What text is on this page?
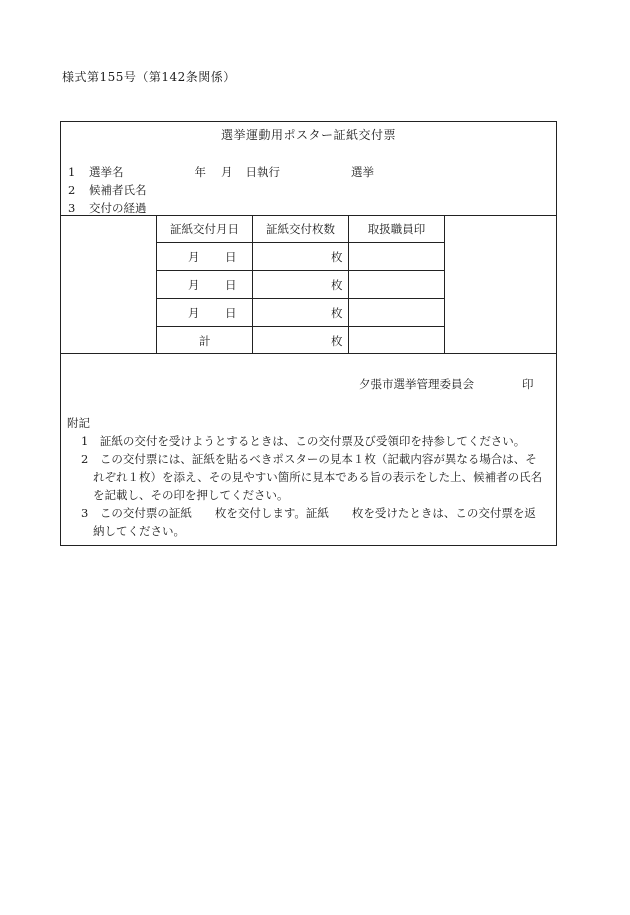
様式第155号（第142条関係）
選挙運動用ポスター証紙交付票
1 選挙名	年 月 日執行	選挙
2 候補者氏名
3 交付の経過
証紙交付月日	証紙交付枚数	取扱職員印
月 日	枚
月 日	枚
月 日	枚
計	枚
夕張市選挙管理委員会	印
附記
1　証紙の交付を受けようとするときは、この交付票及び受領印を持参してください。
2　この交付票には、証紙を貼るべきポスターの見本１枚（記載内容が異なる場合は、そ
れぞれ１枚）を添え、その見やすい箇所に見本である旨の表示をした上、候補者の氏名
を記載し、その印を押してください。
3　この交付票の証紙　　枚を交付します。証紙　　枚を受けたときは、この交付票を返
納してください。
